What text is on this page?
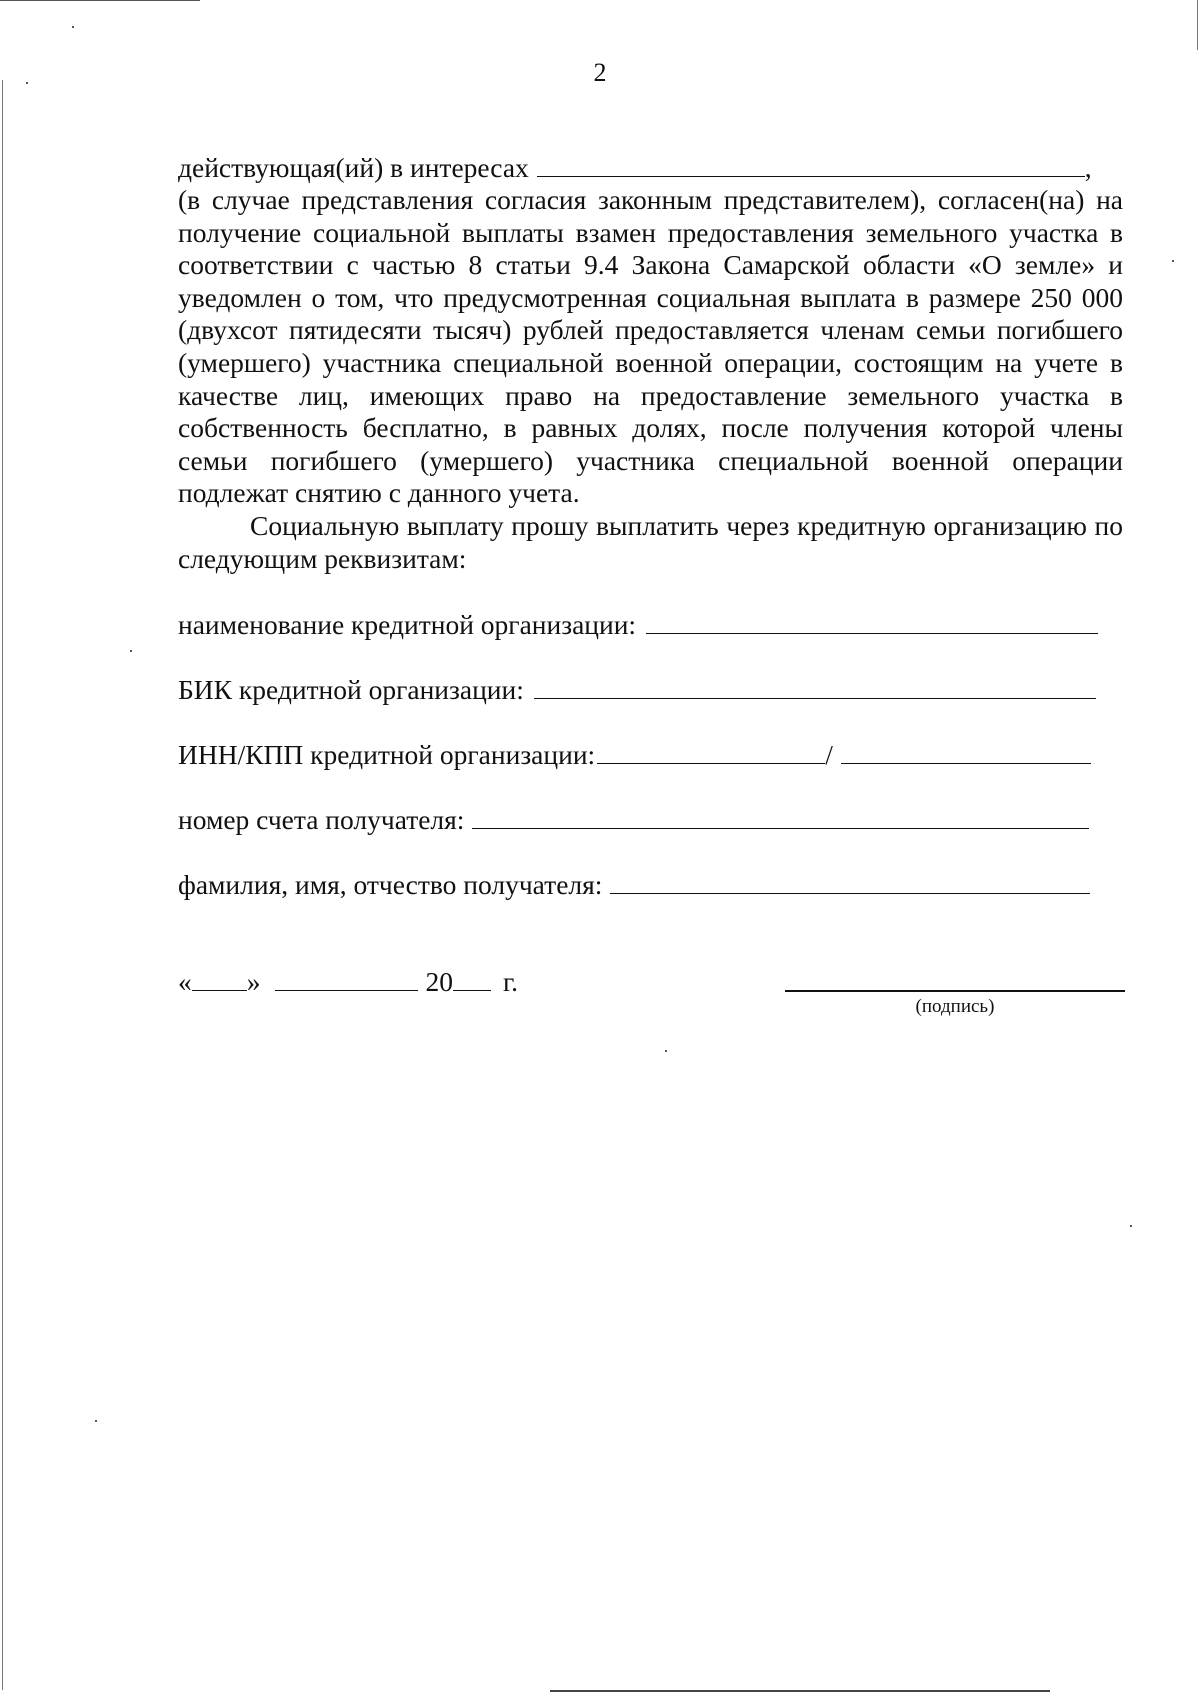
2
действующая(ий) в интересах	,
(в случае представления согласия законным представителем), согласен(на) на получение социальной выплаты взамен предоставления земельного участка в соответствии с частью 8 статьи 9.4 Закона Самарской области «О земле» и уведомлен о том, что предусмотренная социальная выплата в размере 250 000 (двухсот пятидесяти тысяч) рублей предоставляется членам семьи погибшего (умершего) участника специальной военной операции, состоящим на учете в качестве лиц, имеющих право на предоставление земельного участка в собственность бесплатно, в равных долях, после получения которой члены семьи погибшего (умершего) участника специальной военной операции подлежат снятию с данного учета.
Социальную выплату прошу выплатить через кредитную организацию по следующим реквизитам:
наименование кредитной организации:
БИК кредитной организации:
ИНН/КПП кредитной организации:	/
номер счета получателя:
фамилия, имя, отчество получателя:
« »	20 г.
(подпись)
